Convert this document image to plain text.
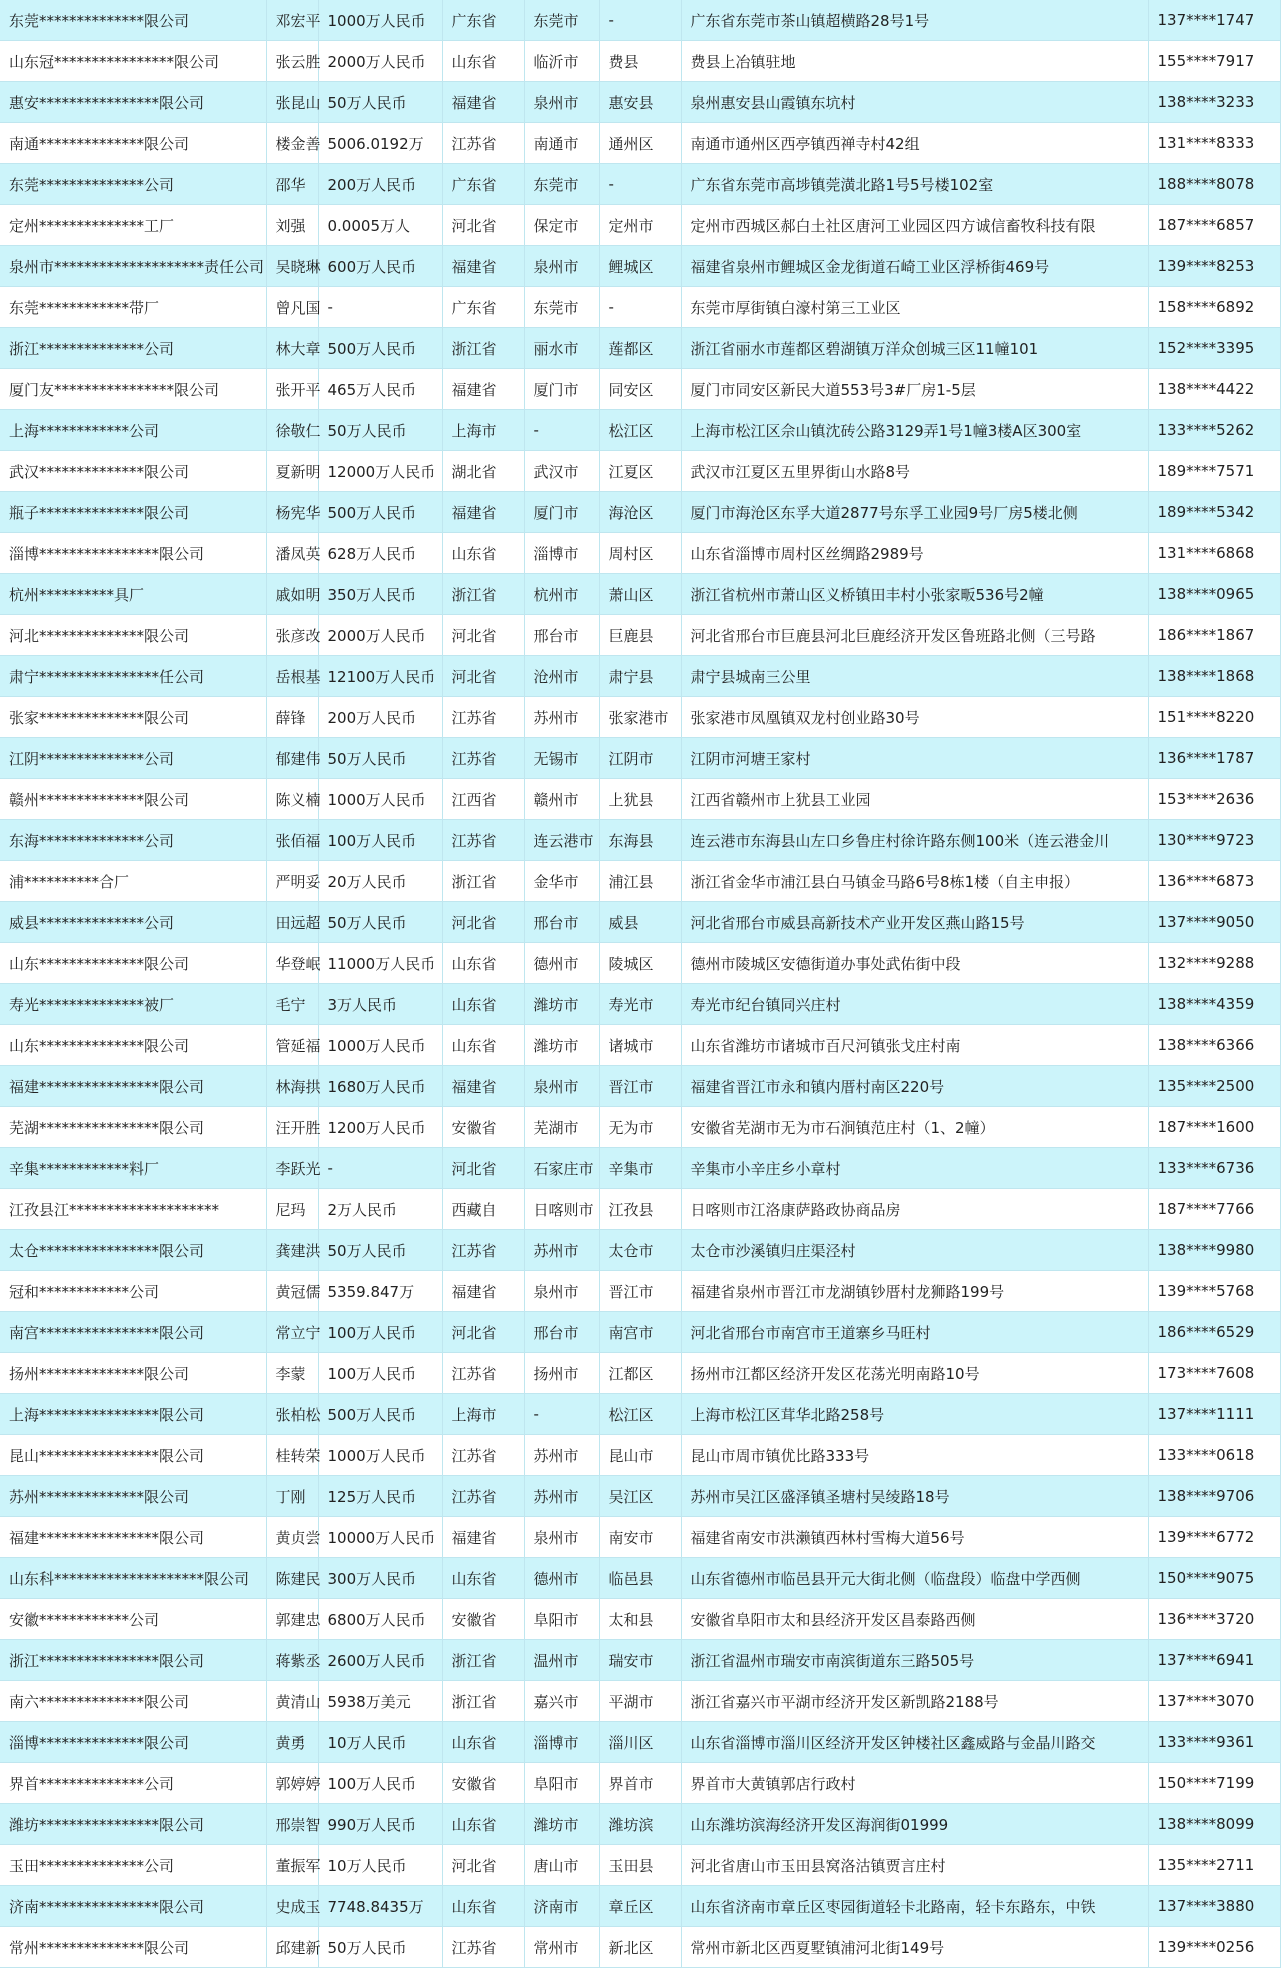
东莞**************限公司	邓宏平	1000万人民币	广东省	东莞市	-	广东省东莞市茶山镇超横路28号1号	137****1747
山东冠****************限公司	张云胜	2000万人民币	山东省	临沂市	费县	费县上冶镇驻地	155****7917
惠安****************限公司	张昆山	50万人民币	福建省	泉州市	惠安县	泉州惠安县山霞镇东坑村	138****3233
南通**************限公司	楼金善	5006.0192万	江苏省	南通市	通州区	南通市通州区西亭镇西禅寺村42组	131****8333
东莞**************公司	邵华	200万人民币	广东省	东莞市	-	广东省东莞市高埗镇莞潢北路1号5号楼102室	188****8078
定州**************工厂	刘强	0.0005万人	河北省	保定市	定州市	定州市西城区郝白土社区唐河工业园区四方诚信畜牧科技有限	187****6857
泉州市********************责任公司	吴晓琳	600万人民币	福建省	泉州市	鲤城区	福建省泉州市鲤城区金龙街道石崎工业区浮桥街469号	139****8253
东莞************带厂	曾凡国	-	广东省	东莞市	-	东莞市厚街镇白濠村第三工业区	158****6892
浙江**************公司	林大章	500万人民币	浙江省	丽水市	莲都区	浙江省丽水市莲都区碧湖镇万洋众创城三区11幢101	152****3395
厦门友****************限公司	张开平	465万人民币	福建省	厦门市	同安区	厦门市同安区新民大道553号3#厂房1-5层	138****4422
上海************公司	徐敬仁	50万人民币	上海市	-	松江区	上海市松江区佘山镇沈砖公路3129弄1号1幢3楼A区300室	133****5262
武汉**************限公司	夏新明	12000万人民币	湖北省	武汉市	江夏区	武汉市江夏区五里界街山水路8号	189****7571
瓶子**************限公司	杨宪华	500万人民币	福建省	厦门市	海沧区	厦门市海沧区东孚大道2877号东孚工业园9号厂房5楼北侧	189****5342
淄博****************限公司	潘凤英	628万人民币	山东省	淄博市	周村区	山东省淄博市周村区丝绸路2989号	131****6868
杭州**********具厂	戚如明	350万人民币	浙江省	杭州市	萧山区	浙江省杭州市萧山区义桥镇田丰村小张家畈536号2幢	138****0965
河北**************限公司	张彦改	2000万人民币	河北省	邢台市	巨鹿县	河北省邢台市巨鹿县河北巨鹿经济开发区鲁班路北侧（三号路	186****1867
肃宁****************任公司	岳根基	12100万人民币	河北省	沧州市	肃宁县	肃宁县城南三公里	138****1868
张家**************限公司	薛锋	200万人民币	江苏省	苏州市	张家港市	张家港市凤凰镇双龙村创业路30号	151****8220
江阴**************公司	郁建伟	50万人民币	江苏省	无锡市	江阴市	江阴市河塘王家村	136****1787
赣州**************限公司	陈义楠	1000万人民币	江西省	赣州市	上犹县	江西省赣州市上犹县工业园	153****2636
东海**************公司	张佰福	100万人民币	江苏省	连云港市	东海县	连云港市东海县山左口乡鲁庄村徐许路东侧100米（连云港金川	130****9723
浦**********合厂	严明妥	20万人民币	浙江省	金华市	浦江县	浙江省金华市浦江县白马镇金马路6号8栋1楼（自主申报）	136****6873
威县**************公司	田远超	50万人民币	河北省	邢台市	威县	河北省邢台市威县高新技术产业开发区燕山路15号	137****9050
山东**************限公司	华登岷	11000万人民币	山东省	德州市	陵城区	德州市陵城区安德街道办事处武佑街中段	132****9288
寿光**************被厂	毛宁	3万人民币	山东省	潍坊市	寿光市	寿光市纪台镇同兴庄村	138****4359
山东**************限公司	管延福	1000万人民币	山东省	潍坊市	诸城市	山东省潍坊市诸城市百尺河镇张戈庄村南	138****6366
福建****************限公司	林海拱	1680万人民币	福建省	泉州市	晋江市	福建省晋江市永和镇内厝村南区220号	135****2500
芜湖****************限公司	汪开胜	1200万人民币	安徽省	芜湖市	无为市	安徽省芜湖市无为市石涧镇范庄村（1、2幢）	187****1600
辛集************料厂	李跃光	-	河北省	石家庄市	辛集市	辛集市小辛庄乡小章村	133****6736
江孜县江********************	尼玛	2万人民币	西藏自	日喀则市	江孜县	日喀则市江洛康萨路政协商品房	187****7766
太仓****************限公司	龚建洪	50万人民币	江苏省	苏州市	太仓市	太仓市沙溪镇归庄渠泾村	138****9980
冠和************公司	黄冠儒	5359.847万	福建省	泉州市	晋江市	福建省泉州市晋江市龙湖镇钞厝村龙狮路199号	139****5768
南宫****************限公司	常立宁	100万人民币	河北省	邢台市	南宫市	河北省邢台市南宫市王道寨乡马旺村	186****6529
扬州**************限公司	李蒙	100万人民币	江苏省	扬州市	江都区	扬州市江都区经济开发区花荡光明南路10号	173****7608
上海****************限公司	张柏松	500万人民币	上海市	-	松江区	上海市松江区茸华北路258号	137****1111
昆山****************限公司	桂转荣	1000万人民币	江苏省	苏州市	昆山市	昆山市周市镇优比路333号	133****0618
苏州**************限公司	丁刚	125万人民币	江苏省	苏州市	吴江区	苏州市吴江区盛泽镇圣塘村吴绫路18号	138****9706
福建****************限公司	黄贞尝	10000万人民币	福建省	泉州市	南安市	福建省南安市洪濑镇西林村雪梅大道56号	139****6772
山东科********************限公司	陈建民	300万人民币	山东省	德州市	临邑县	山东省德州市临邑县开元大街北侧（临盘段）临盘中学西侧	150****9075
安徽************公司	郭建忠	6800万人民币	安徽省	阜阳市	太和县	安徽省阜阳市太和县经济开发区昌泰路西侧	136****3720
浙江****************限公司	蒋紫丞	2600万人民币	浙江省	温州市	瑞安市	浙江省温州市瑞安市南滨街道东三路505号	137****6941
南六**************限公司	黄清山	5938万美元	浙江省	嘉兴市	平湖市	浙江省嘉兴市平湖市经济开发区新凯路2188号	137****3070
淄博**************限公司	黄勇	10万人民币	山东省	淄博市	淄川区	山东省淄博市淄川区经济开发区钟楼社区鑫威路与金晶川路交	133****9361
界首**************公司	郭婷婷	100万人民币	安徽省	阜阳市	界首市	界首市大黄镇郭店行政村	150****7199
潍坊****************限公司	邢崇智	990万人民币	山东省	潍坊市	潍坊滨	山东潍坊滨海经济开发区海润街01999	138****8099
玉田**************公司	董振军	10万人民币	河北省	唐山市	玉田县	河北省唐山市玉田县窝洛沽镇贾言庄村	135****2711
济南****************限公司	史成玉	7748.8435万	山东省	济南市	章丘区	山东省济南市章丘区枣园街道轻卡北路南，轻卡东路东，中铁	137****3880
常州**************限公司	邱建新	50万人民币	江苏省	常州市	新北区	常州市新北区西夏墅镇浦河北街149号	139****0256
